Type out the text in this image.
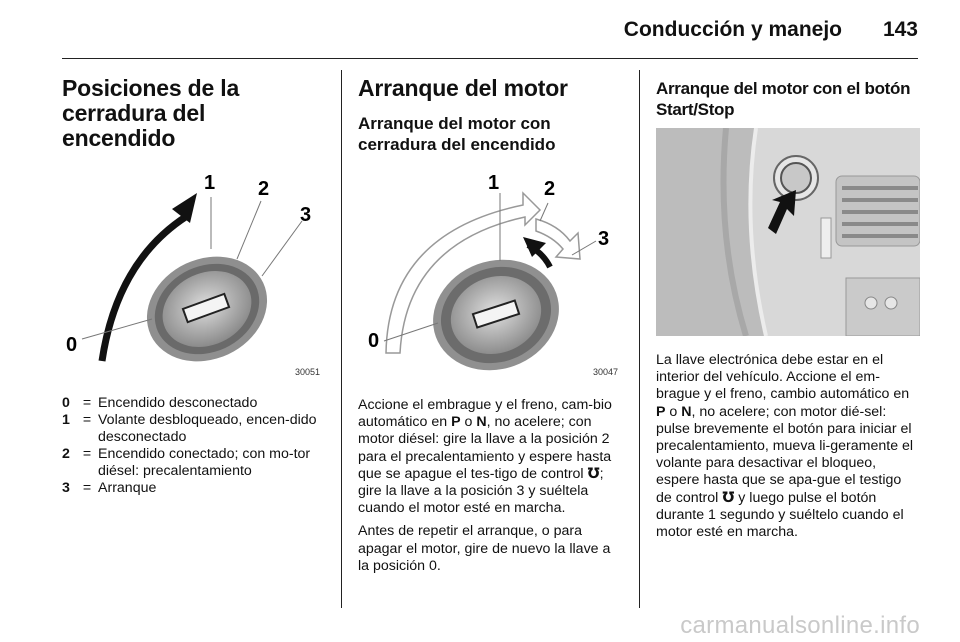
Conducción y manejo 143
Posiciones de la cerradura del encendido
0
1 2
3
30051
0 = Encendido desconectado
1 = Volante desbloqueado, encen-dido desconectado
2 = Encendido conectado; con mo-tor diésel: precalentamiento
3 = Arranque
Arranque del motor
Arranque del motor con cerradura del encendido
0
1 2
3
30047

Accione el embrague y el freno, cam-bio automático en P o N, no acelere; con motor diésel: gire la llave a la posición 2 para el precalentamiento y espere hasta que se apague el tes-tigo de control ℧; gire la llave a la posición 3 y suéltela cuando el motor esté en marcha.

Antes de repetir el arranque, o para apagar el motor, gire de nuevo la llave a la posición 0.

Arranque del motor con el botón Start/Stop

La llave electrónica debe estar en el interior del vehículo. Accione el em-brague y el freno, cambio automático en P o N, no acelere; con motor dié-sel: pulse brevemente el botón para iniciar el precalentamiento, mueva li-geramente el volante para desactivar el bloqueo, espere hasta que se apa-gue el testigo de control ℧ y luego pulse el botón durante 1 segundo y suéltelo cuando el motor esté en marcha.

carmanualsonline.info
